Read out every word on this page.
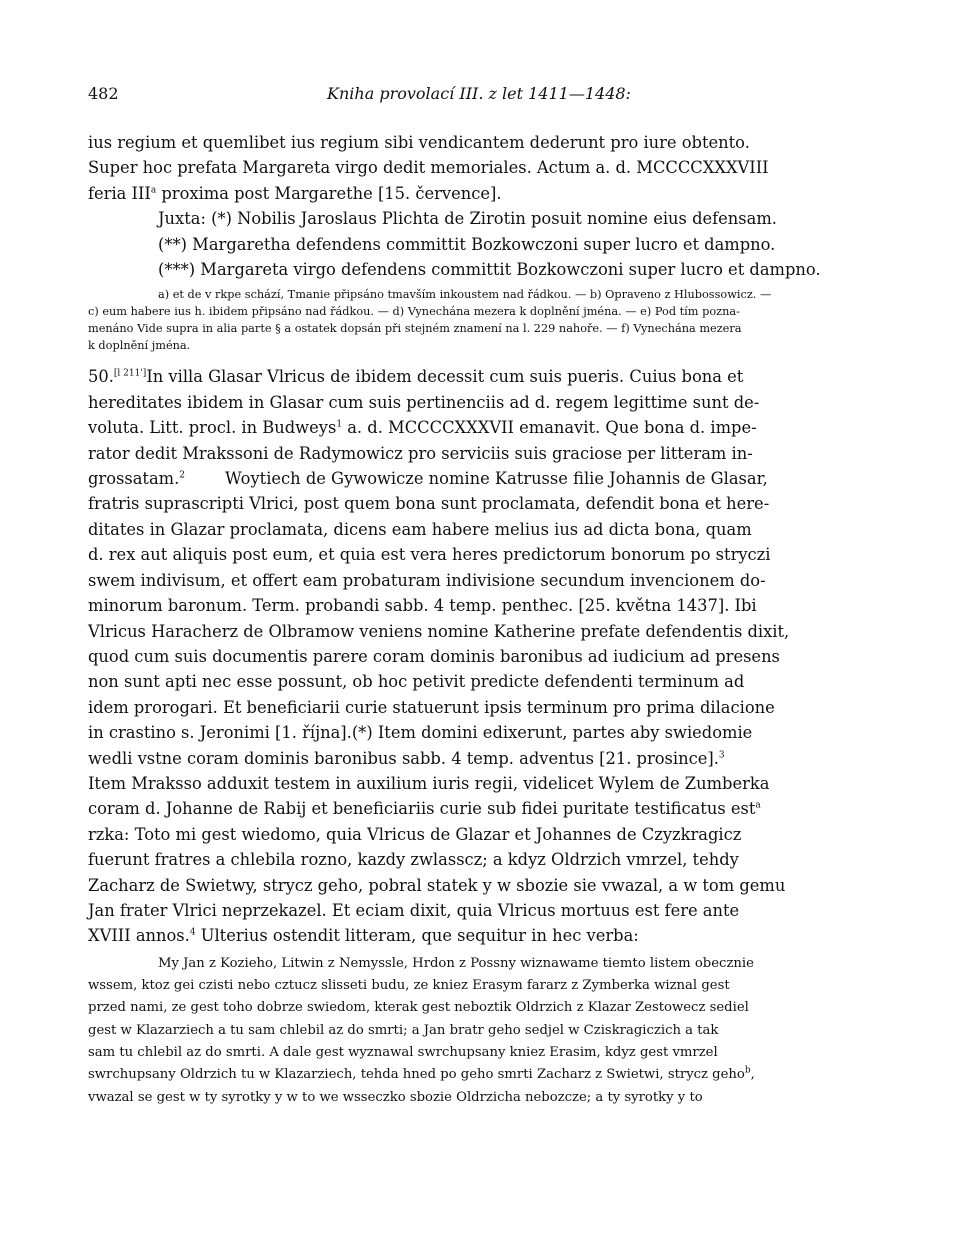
482	Kniha provolací III. z let 1411—1448:

ius regium et quemlibet ius regium sibi vendicantem dederunt pro iure obtento.

Super hoc prefata Margareta virgo dedit memoriales. Actum a. d. MCCCCXXXVIII

feria III$^a$ proxima post Margarethe [15. července].

Juxta: (*) Nobilis Jaroslaus Plichta de Zirotin posuit nomine eius defensam.

(**) Margaretha defendens committit Bozkowczoni super lucro et dampno.

(***) Margareta virgo defendens committit Bozkowczoni super lucro et dampno.

a) et de v rkpe schází, Tmanie připsáno tmavším inkoustem nad řádkou. — b) Opraveno z Hlubossowicz. —

c) eum habere ius h. ibidem připsáno nad řádkou. — d) Vynechána mezera k doplnění jména. — e) Pod tím pozna-

menáno Vide supra in alia parte § a ostatek dopsán při stejném znamení na l. 229 nahoře. — f) Vynechána mezera

k doplnění jména.

50.[l 211']In villa Glasar Vlricus de ibidem decessit cum suis pueris. Cuius bona et

hereditates ibidem in Glasar cum suis pertinenciis ad d. regem legittime sunt de-

voluta. Litt. procl. in Budweys$^1$ a. d. MCCCCXXXVII emanavit. Que bona d. impe-

rator dedit Mrakssoni de Radymowicz pro serviciis suis graciose per litteram in-

grossatam.$^2$ Woytiech de Gywowicze nomine Katrusse filie Johannis de Glasar,

fratris suprascripti Vlrici, post quem bona sunt proclamata, defendit bona et here-

ditates in Glazar proclamata, dicens eam habere melius ius ad dicta bona, quam

d. rex aut aliquis post eum, et quia est vera heres predictorum bonorum po stryczi

swem indivisum, et offert eam probaturam indivisione secundum invencionem do-

minorum baronum. Term. probandi sabb. 4 temp. penthec. [25. května 1437]. Ibi

Vlricus Haracherz de Olbramow veniens nomine Katherine prefate defendentis dixit,

quod cum suis documentis parere coram dominis baronibus ad iudicium ad presens

non sunt apti nec esse possunt, ob hoc petivit predicte defendenti terminum ad

idem prorogari. Et beneficiarii curie statuerunt ipsis terminum pro prima dilacione

in crastino s. Jeronimi [1. října].(*) Item domini edixerunt, partes aby swiedomie

wedli vstne coram dominis baronibus sabb. 4 temp. adventus [21. prosince].$^3$

Item Mraksso adduxit testem in auxilium iuris regii, videlicet Wylem de Zumberka

coram d. Johanne de Rabij et beneficiariis curie sub fidei puritate testificatus est$^a$

rzka: Toto mi gest wiedomo, quia Vlricus de Glazar et Johannes de Czyzkragicz

fuerunt fratres a chlebila rozno, kazdy zwlasscz; a kdyz Oldrzich vmrzel, tehdy

Zacharz de Swietwy, strycz geho, pobral statek y w sbozie sie vwazal, a w tom gemu

Jan frater Vlrici neprzekazel. Et eciam dixit, quia Vlricus mortuus est fere ante

XVIII annos.$^4$ Ulterius ostendit litteram, que sequitur in hec verba:

My Jan z Kozieho, Litwin z Nemyssle, Hrdon z Possny wiznawame tiemto listem obecznie

wssem, ktoz gei czisti nebo cztucz slisseti budu, ze kniez Erasym fararz z Zymberka wiznal gest

przed nami, ze gest toho dobrze swiedom, kterak gest neboztik Oldrzich z Klazar Zestowecz sediel

gest w Klazarziech a tu sam chlebil az do smrti; a Jan bratr geho sedjel w Cziskragiczich a tak

sam tu chlebil az do smrti. A dale gest wyznawal swrchupsany kniez Erasim, kdyz gest vmrzel

swrchupsany Oldrzich tu w Klazarziech, tehda hned po geho smrti Zacharz z Swietwi, strycz geho$^b$,

vwazal se gest w ty syrotky y w to we wsseczko sbozie Oldrzicha nebozcze; a ty syrotky y to
